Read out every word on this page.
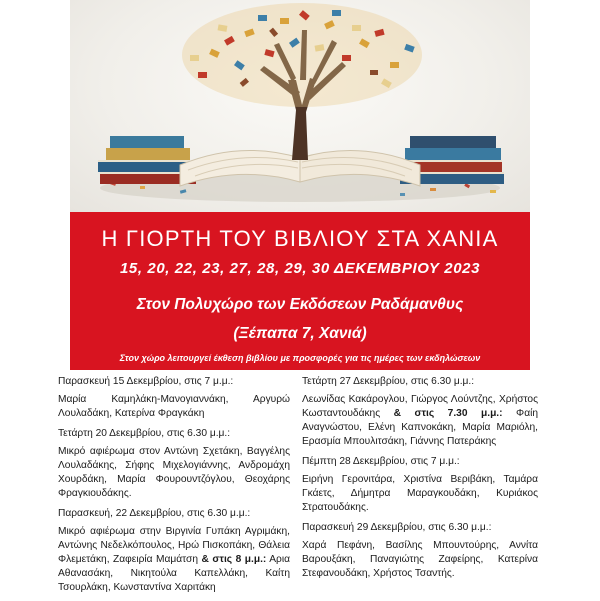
Η ΓΙΟΡΤΗ ΤΟΥ ΒΙΒΛΙΟΥ ΣΤΑ ΧΑΝΙΑ
15, 20, 22, 23, 27, 28, 29, 30 ΔΕΚΕΜΒΡΙΟΥ 2023
Στον Πολυχώρο των Εκδόσεων Ραδάμανθυς
(Ξέπαπα 7, Χανιά)
Στον χώρο λειτουργεί έκθεση βιβλίου με προσφορές για τις ημέρες των εκδηλώσεων
Παρασκευή 15 Δεκεμβρίου, στις 7 μ.μ.:
Μαρία Καμηλάκη-Μανογιαννάκη, Αργυρώ Λουλαδάκη, Κατερίνα Φραγκάκη
Τετάρτη 20 Δεκεμβρίου, στις 6.30 μ.μ.:
Μικρό αφιέρωμα στον Αντώνη Σχετάκη, Βαγγέλης Λουλαδάκης, Σήφης Μιχελογιάννης, Ανδρομάχη Χουρδάκη, Μαρία Φουρουντζόγλου, Θεοχάρης Φραγκιουδάκης.
Παρασκευή, 22 Δεκεμβρίου, στις 6.30 μ.μ.:
Μικρό αφιέρωμα στην Βιργινία Γυπάκη Αγριμάκη, Αντώνης Νεδελκόπουλος, Ηρώ Πισκοπάκη, Θάλεια Φλεμετάκη, Ζαφειρία Μαμάτση & στις 8 μ.μ.: Αρια Αθανασάκη, Νικητούλα Καπελλάκη, Καίτη Τσουρλάκη, Κωνσταντίνα Χαριτάκη
Τετάρτη 27 Δεκεμβρίου, στις 6.30 μ.μ.:
Λεωνίδας Κακάρογλου, Γιώργος Λούντζης, Χρήστος Κωσταντουδάκης & στις 7.30 μ.μ.: Φαίη Αναγνώστου, Ελένη Καπνοκάκη, Μαρία Μαριόλη, Ερασμία Μπουλιτσάκη, Γιάννης Πατεράκης
Πέμπτη 28 Δεκεμβρίου, στις 7 μ.μ.:
Ειρήνη Γερονιτάρα, Χριστίνα Βεριβάκη, Ταμάρα Γκάετς, Δήμητρα Μαραγκουδάκη, Κυριάκος Στρατουδάκης.
Παρασκευή 29 Δεκεμβρίου, στις 6.30 μ.μ.:
Χαρά Πεφάνη, Βασίλης Μπουντούρης, Αννίτα Βαρουξάκη, Παναγιώτης Ζαφείρης, Κατερίνα Στεφανουδάκη, Χρήστος Τσαντής.
